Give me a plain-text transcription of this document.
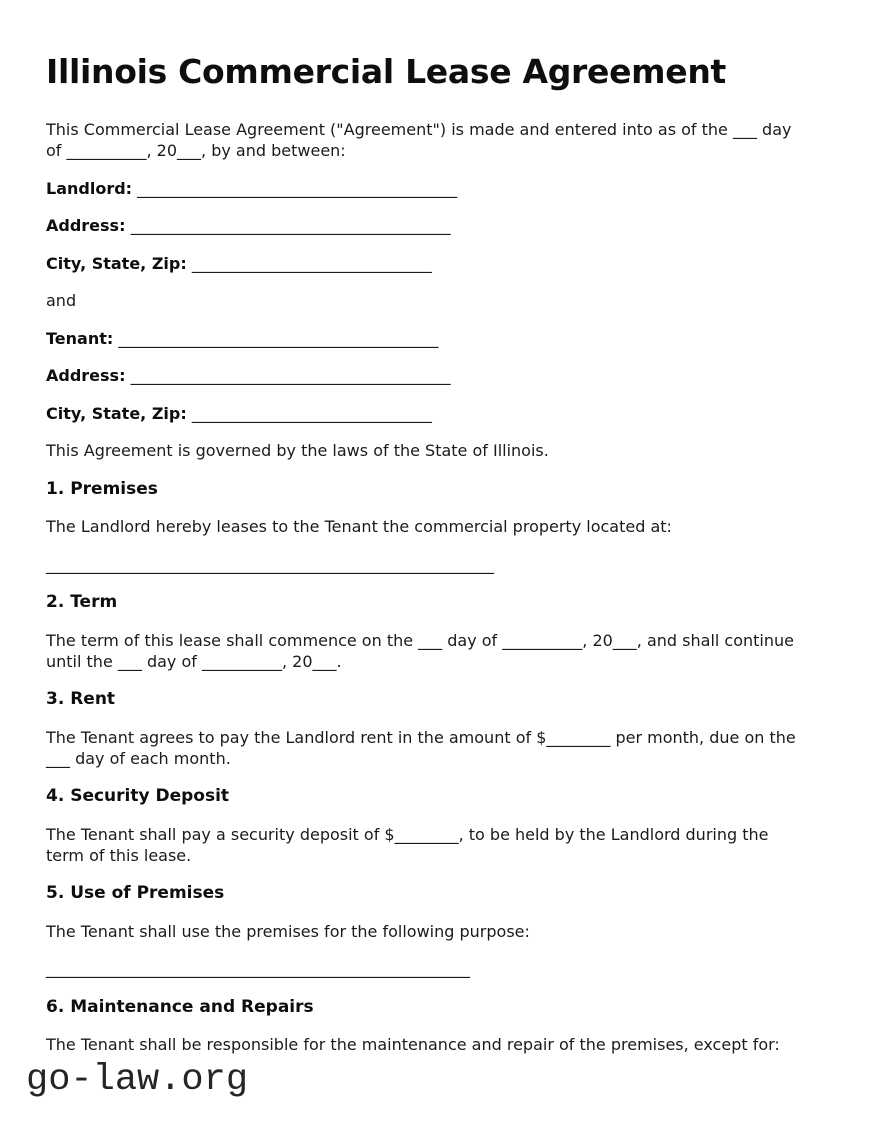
Illinois Commercial Lease Agreement

This Commercial Lease Agreement ("Agreement") is made and entered into as of the ___ day of __________, 20___, by and between:

Landlord: ________________________________________

Address: ________________________________________

City, State, Zip: ______________________________

and

Tenant: ________________________________________

Address: ________________________________________

City, State, Zip: ______________________________

This Agreement is governed by the laws of the State of Illinois.

1. Premises

The Landlord hereby leases to the Tenant the commercial property located at:

________________________________________________________

2. Term

The term of this lease shall commence on the ___ day of __________, 20___, and shall continue until the ___ day of __________, 20___.

3. Rent

The Tenant agrees to pay the Landlord rent in the amount of $________ per month, due on the ___ day of each month.

4. Security Deposit

The Tenant shall pay a security deposit of $________, to be held by the Landlord during the term of this lease.

5. Use of Premises

The Tenant shall use the premises for the following purpose:

_____________________________________________________

6. Maintenance and Repairs

The Tenant shall be responsible for the maintenance and repair of the premises, except for:

go-law.org
